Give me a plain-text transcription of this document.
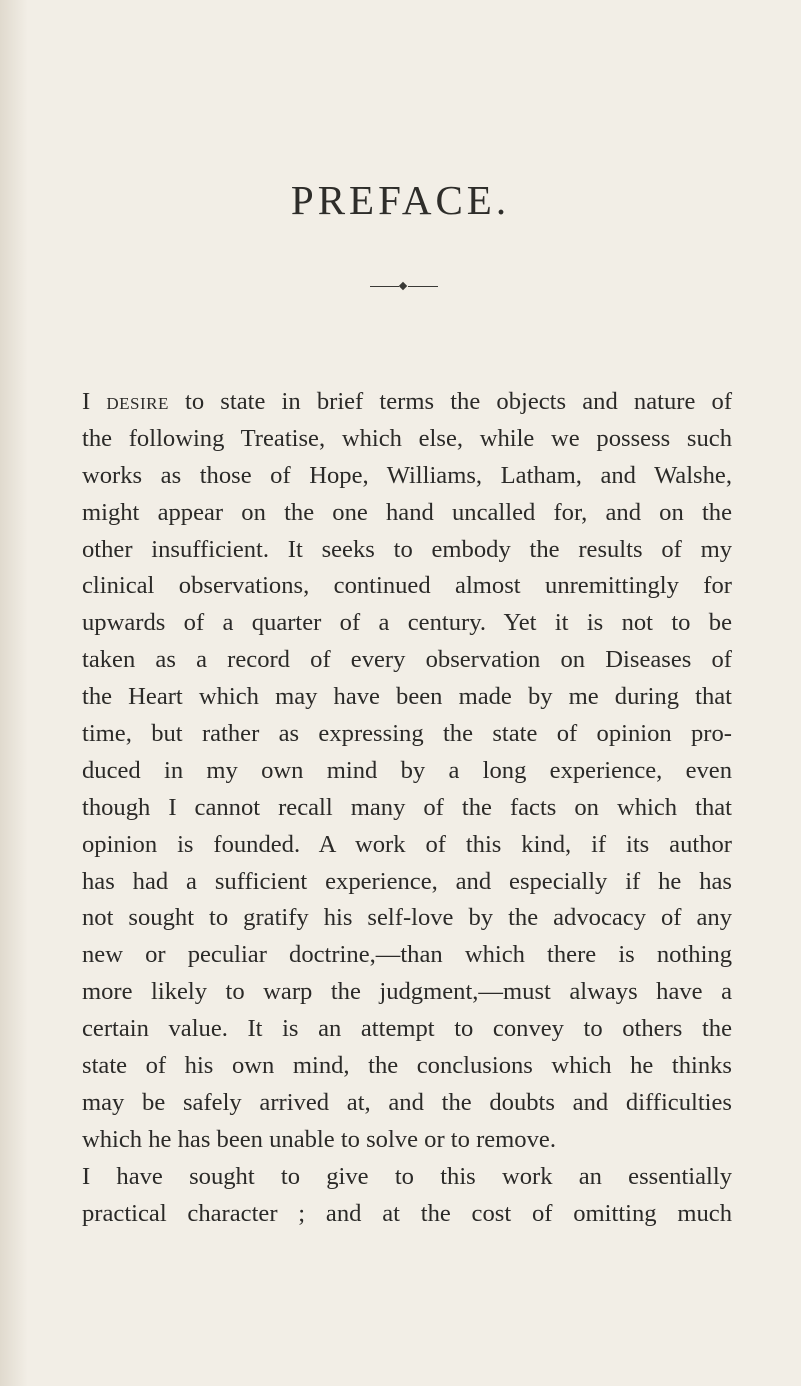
PREFACE.
I desire to state in brief terms the objects and nature of
the following Treatise, which else, while we possess such
works as those of Hope, Williams, Latham, and Walshe,
might appear on the one hand uncalled for, and on the
other insufficient. It seeks to embody the results of my
clinical observations, continued almost unremittingly for
upwards of a quarter of a century. Yet it is not to be
taken as a record of every observation on Diseases of
the Heart which may have been made by me during that
time, but rather as expressing the state of opinion pro-
duced in my own mind by a long experience, even
though I cannot recall many of the facts on which that
opinion is founded. A work of this kind, if its author
has had a sufficient experience, and especially if he has
not sought to gratify his self-love by the advocacy of any
new or peculiar doctrine,—than which there is nothing
more likely to warp the judgment,—must always have a
certain value. It is an attempt to convey to others the
state of his own mind, the conclusions which he thinks
may be safely arrived at, and the doubts and difficulties
which he has been unable to solve or to remove.
I have sought to give to this work an essentially
practical character ; and at the cost of omitting much
